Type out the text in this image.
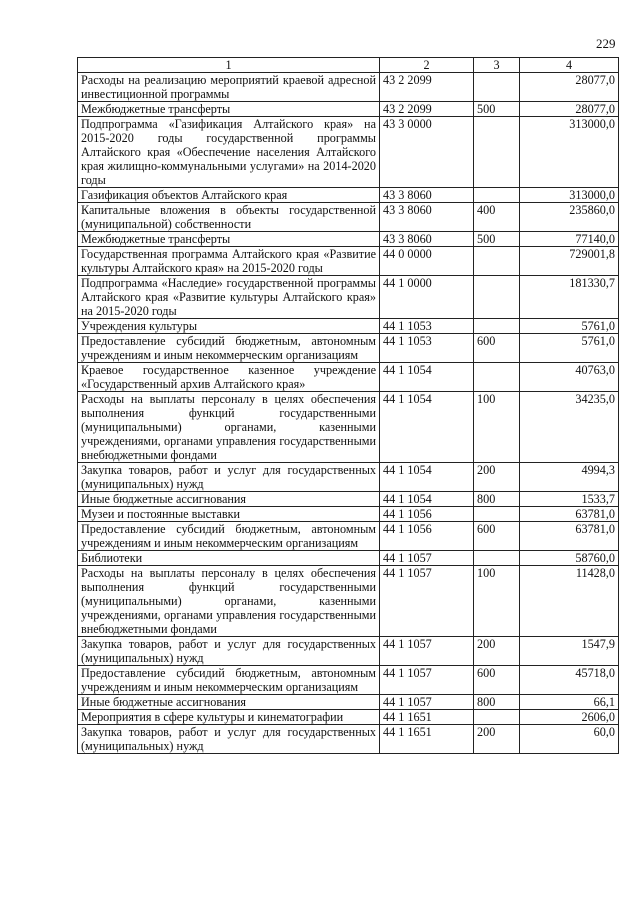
229
1	2	3	4
Расходы на реализацию мероприятий краевой адресной инвестиционной программы	43 2 2099		28077,0
Межбюджетные трансферты	43 2 2099	500	28077,0
Подпрограмма «Газификация Алтайского края» на 2015-2020 годы государственной программы Алтайского края «Обеспечение населения Алтайского края жилищно-коммунальными услугами» на 2014-2020 годы	43 3 0000		313000,0
Газификация объектов Алтайского края	43 3 8060		313000,0
Капитальные вложения в объекты государственной (муниципальной) собственности	43 3 8060	400	235860,0
Межбюджетные трансферты	43 3 8060	500	77140,0
Государственная программа Алтайского края «Развитие культуры Алтайского края» на 2015-2020 годы	44 0 0000		729001,8
Подпрограмма «Наследие» государственной программы Алтайского края «Развитие культуры Алтайского края» на 2015-2020 годы	44 1 0000		181330,7
Учреждения культуры	44 1 1053		5761,0
Предоставление субсидий бюджетным, автономным учреждениям и иным некоммерческим организациям	44 1 1053	600	5761,0
Краевое государственное казенное учреждение «Государственный архив Алтайского края»	44 1 1054		40763,0
Расходы на выплаты персоналу в целях обеспечения выполнения функций государственными (муниципальными) органами, казенными учреждениями, органами управления государственными внебюджетными фондами	44 1 1054	100	34235,0
Закупка товаров, работ и услуг для государственных (муниципальных) нужд	44 1 1054	200	4994,3
Иные бюджетные ассигнования	44 1 1054	800	1533,7
Музеи и постоянные выставки	44 1 1056		63781,0
Предоставление субсидий бюджетным, автономным учреждениям и иным некоммерческим организациям	44 1 1056	600	63781,0
Библиотеки	44 1 1057		58760,0
Расходы на выплаты персоналу в целях обеспечения выполнения функций государственными (муниципальными) органами, казенными учреждениями, органами управления государственными внебюджетными фондами	44 1 1057	100	11428,0
Закупка товаров, работ и услуг для государственных (муниципальных) нужд	44 1 1057	200	1547,9
Предоставление субсидий бюджетным, автономным учреждениям и иным некоммерческим организациям	44 1 1057	600	45718,0
Иные бюджетные ассигнования	44 1 1057	800	66,1
Мероприятия в сфере культуры и кинематографии	44 1 1651		2606,0
Закупка товаров, работ и услуг для государственных (муниципальных) нужд	44 1 1651	200	60,0
